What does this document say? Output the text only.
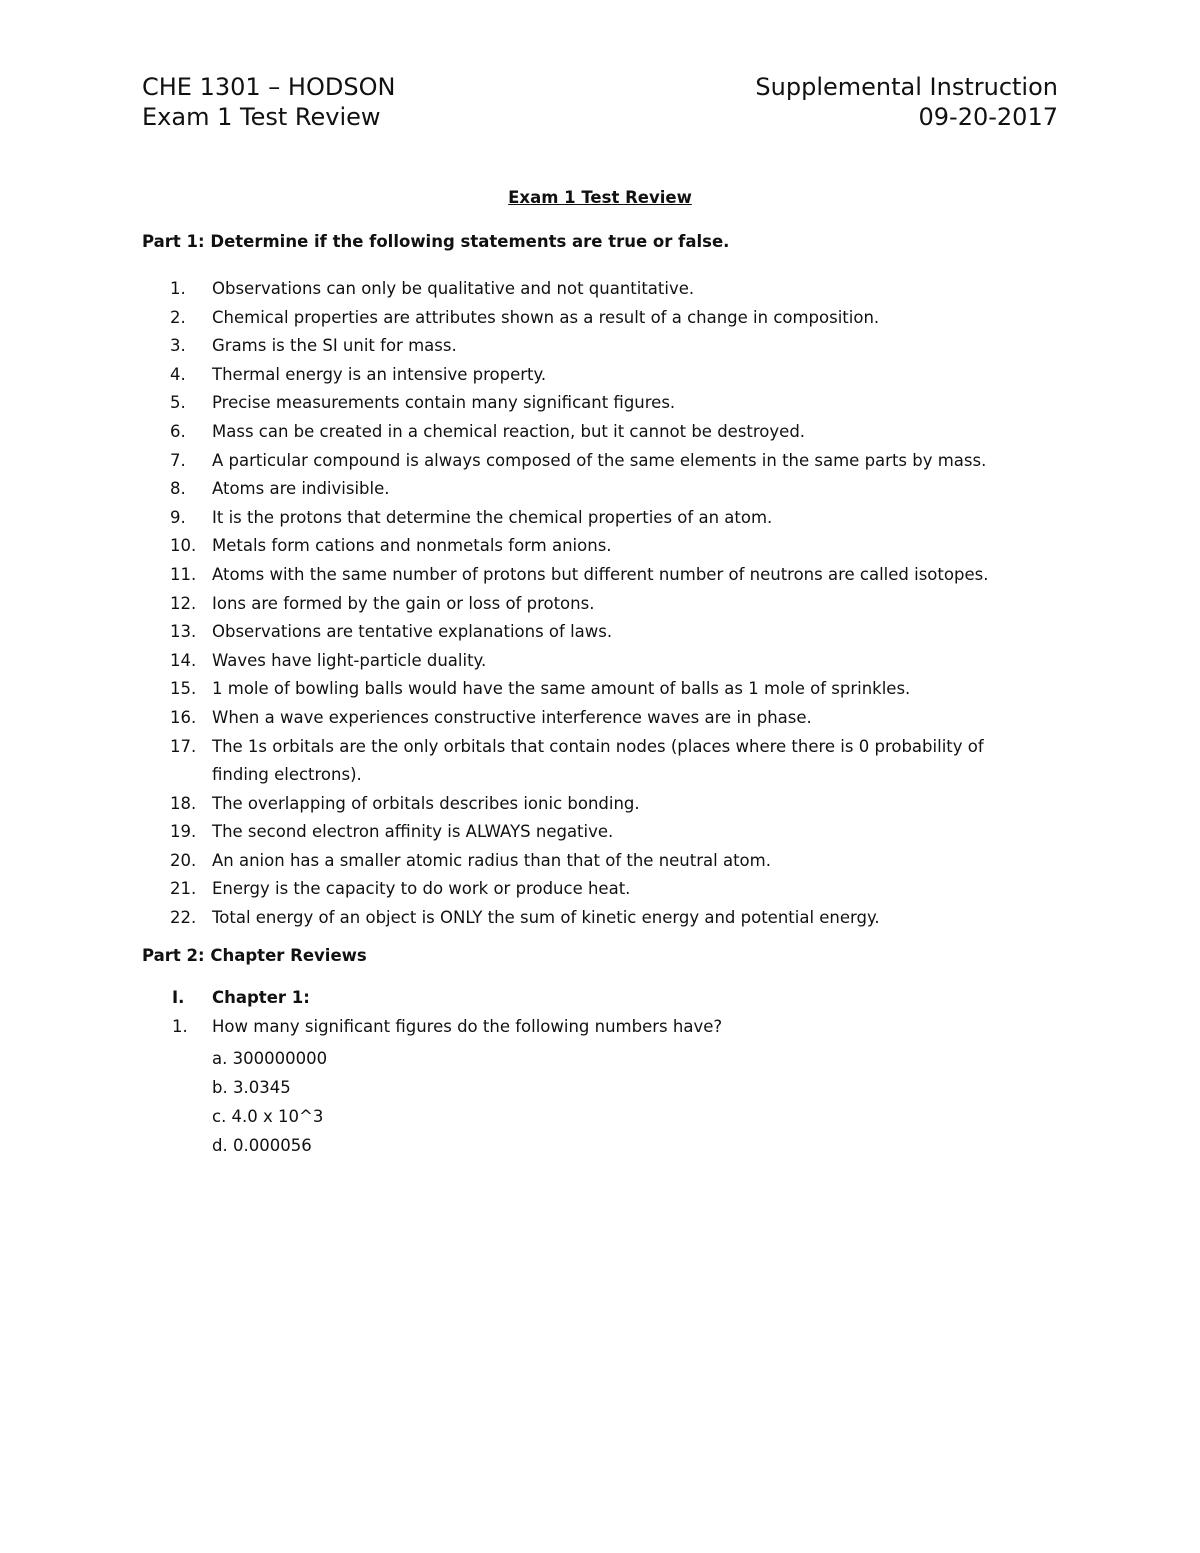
CHE 1301 – HODSON
Exam 1 Test Review
Supplemental Instruction
09-20-2017
Exam 1 Test Review
Part 1: Determine if the following statements are true or false.
1. Observations can only be qualitative and not quantitative.
2. Chemical properties are attributes shown as a result of a change in composition.
3. Grams is the SI unit for mass.
4. Thermal energy is an intensive property.
5. Precise measurements contain many significant figures.
6. Mass can be created in a chemical reaction, but it cannot be destroyed.
7. A particular compound is always composed of the same elements in the same parts by mass.
8. Atoms are indivisible.
9. It is the protons that determine the chemical properties of an atom.
10. Metals form cations and nonmetals form anions.
11. Atoms with the same number of protons but different number of neutrons are called isotopes.
12. Ions are formed by the gain or loss of protons.
13. Observations are tentative explanations of laws.
14. Waves have light-particle duality.
15. 1 mole of bowling balls would have the same amount of balls as 1 mole of sprinkles.
16. When a wave experiences constructive interference waves are in phase.
17. The 1s orbitals are the only orbitals that contain nodes (places where there is 0 probability of finding electrons).
18. The overlapping of orbitals describes ionic bonding.
19. The second electron affinity is ALWAYS negative.
20. An anion has a smaller atomic radius than that of the neutral atom.
21. Energy is the capacity to do work or produce heat.
22. Total energy of an object is ONLY the sum of kinetic energy and potential energy.
Part 2: Chapter Reviews
I. Chapter 1:
1. How many significant figures do the following numbers have?
a. 300000000
b. 3.0345
c. 4.0 x 10^3
d. 0.000056
